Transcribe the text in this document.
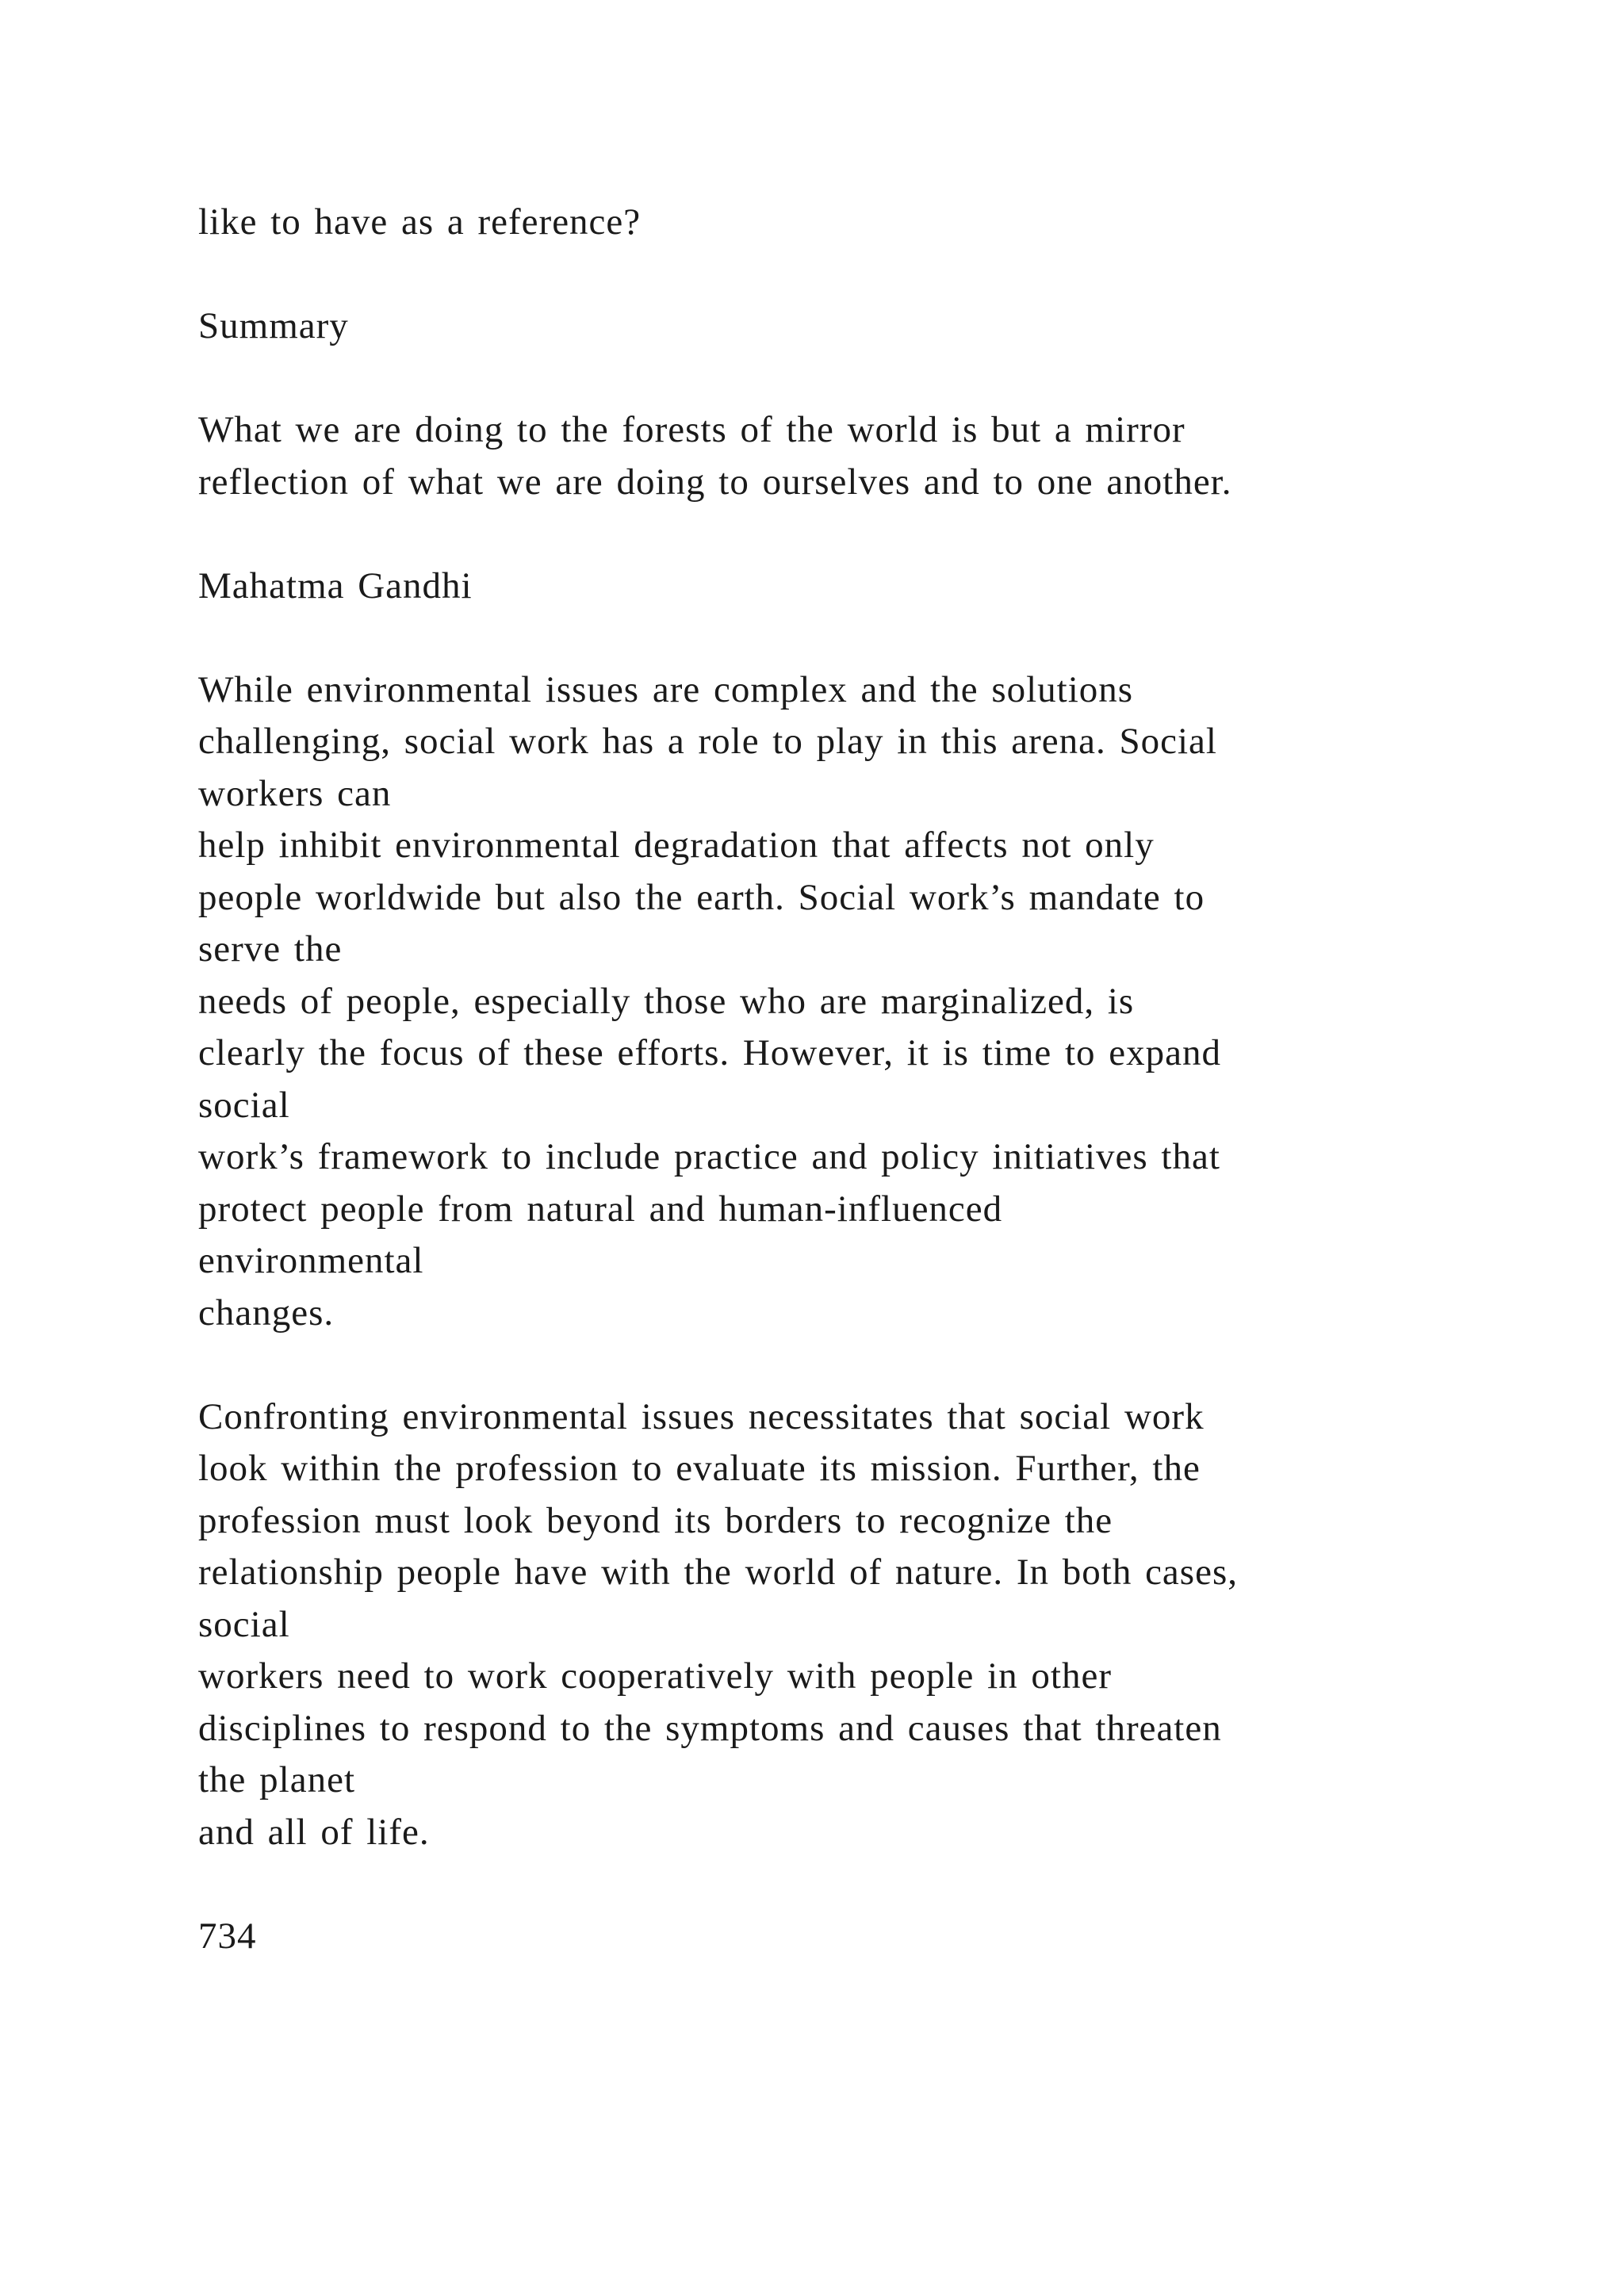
like to have as a reference?
Summary
What we are doing to the forests of the world is but a mirror
reflection of what we are doing to ourselves and to one another.
Mahatma Gandhi
While environmental issues are complex and the solutions
challenging, social work has a role to play in this arena. Social
workers can
help inhibit environmental degradation that affects not only
people worldwide but also the earth. Social work’s mandate to
serve the
needs of people, especially those who are marginalized, is
clearly the focus of these efforts. However, it is time to expand
social
work’s framework to include practice and policy initiatives that
protect people from natural and human-influenced
environmental
changes.
Confronting environmental issues necessitates that social work
look within the profession to evaluate its mission. Further, the
profession must look beyond its borders to recognize the
relationship people have with the world of nature. In both cases,
social
workers need to work cooperatively with people in other
disciplines to respond to the symptoms and causes that threaten
the planet
and all of life.
734
